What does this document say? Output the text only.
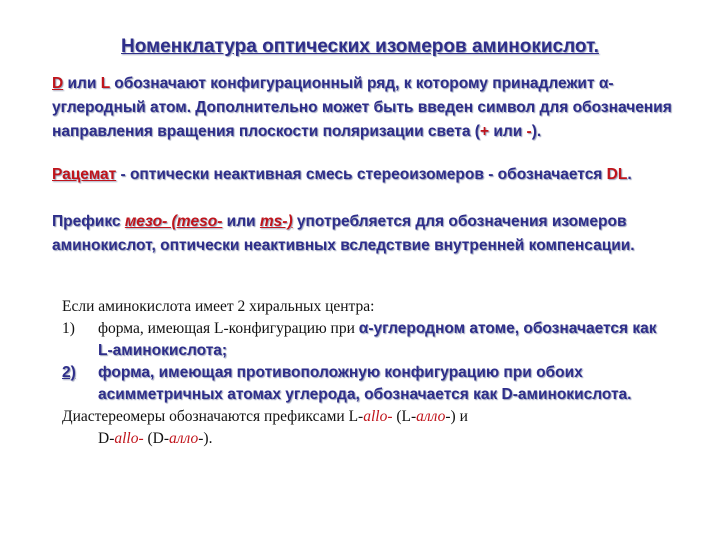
Номенклатура оптических изомеров аминокислот.
D или L обозначают конфигурационный ряд, к которому принадлежит α-углеродный атом. Дополнительно может быть введен символ для обозначения направления вращения плоскости поляризации света (+ или -).
Рацемат - оптически неактивная смесь стереоизомеров - обозначается DL.
Префикс мезо- (meso- или ms-) употребляется для обозначения изомеров аминокислот, оптически неактивных вследствие внутренней компенсации.
Если аминокислота имеет 2 хиральных центра:
1)	форма, имеющая L-конфигурацию при α-углеродном атоме, обозначается как L-аминокислота;
2)	форма, имеющая противоположную конфигурацию при обоих асимметричных атомах углерода, обозначается как D-аминокислота.
Диастереомеры обозначаются префиксами L-allo- (L-алло-) и
D-allo- (D-алло-).
